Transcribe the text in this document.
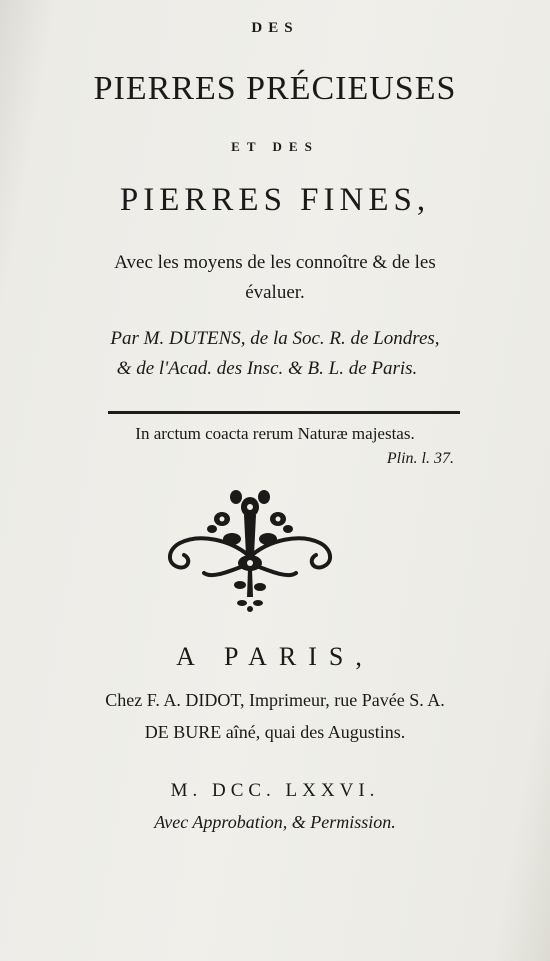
DES
PIERRES PRÉCIEUSES
ET DES
PIERRES FINES,
Avec les moyens de les connoître & de les
évaluer.
Par M. DUTENS, de la Soc. R. de Londres,
& de l'Acad. des Insc. & B. L. de Paris.
In arctum coacta rerum Naturæ majestas.
Plin. l. 37.
A PARIS,
Chez F. A. DIDOT, Imprimeur, rue Pavée S. A.
DE BURE aîné, quai des Augustins.
M. DCC. LXXVI.
Avec Approbation, & Permission.
